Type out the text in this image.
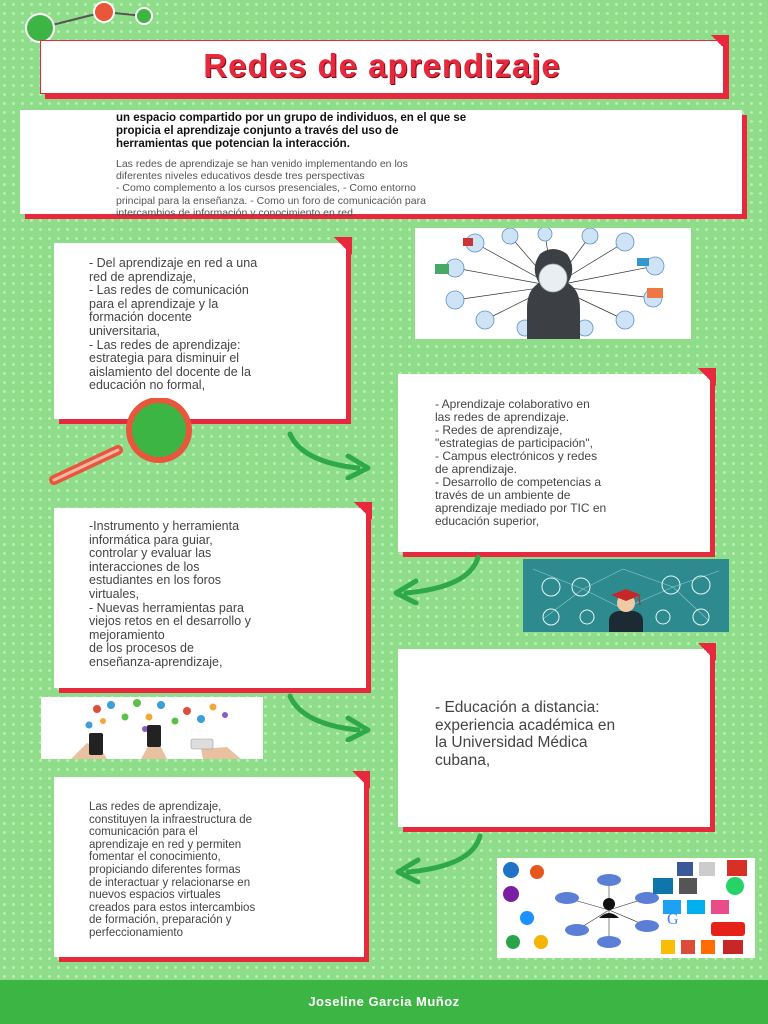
Redes de aprendizaje
un espacio compartido por un grupo de individuos, en el que se
propicia el aprendizaje conjunto a través del uso de
herramientas que potencian la interacción.
Las redes de aprendizaje se han venido implementando en los
diferentes niveles educativos desde tres perspectivas
- Como complemento a los cursos presenciales, - Como entorno
principal para la enseñanza. - Como un foro de comunicación para
intercambios de información y conocimiento en red.
- Del aprendizaje en red a una
red de aprendizaje,
- Las redes de comunicación
para el aprendizaje y la
formación docente
universitaria,
- Las redes de aprendizaje:
estrategia para disminuir el
aislamiento del docente de la
educación no formal,
- Aprendizaje colaborativo en
las redes de aprendizaje.
- Redes de aprendizaje,
"estrategias de participación",
- Campus electrónicos y redes
de aprendizaje.
- Desarrollo de competencias a
través de un ambiente de
aprendizaje mediado por TIC en
educación superior,
-Instrumento y herramienta
informática para guiar,
controlar y evaluar las
interacciones de los
estudiantes en los foros
virtuales,
- Nuevas herramientas para
viejos retos en el desarrollo y
mejoramiento
de los procesos de
enseñanza-aprendizaje,
- Educación a distancia:
experiencia académica en
la Universidad Médica
cubana,
Las redes de aprendizaje,
constituyen la infraestructura de
comunicación para el
aprendizaje en red y permiten
fomentar el conocimiento,
propiciando diferentes formas
de interactuar y relacionarse en
nuevos espacios virtuales
creados para estos intercambios
de formación, preparación y
perfeccionamiento
G
Joseline Garcia Muñoz
